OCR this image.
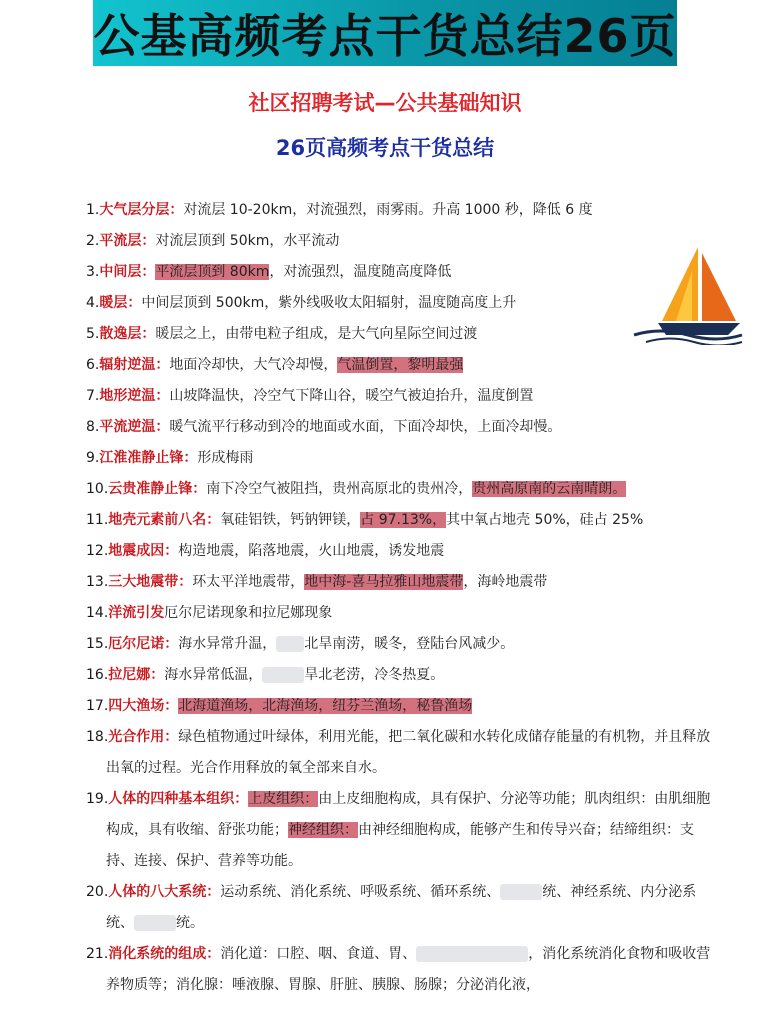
公基高频考点干货总结26页
社区招聘考试—公共基础知识
26页高频考点干货总结
1.大气层分层：对流层 10-20km，对流强烈，雨雾雨。升高 1000 秒，降低 6 度
2.平流层：对流层顶到 50km，水平流动
3.中间层：平流层顶到 80km，对流强烈，温度随高度降低
4.暖层：中间层顶到 500km，紫外线吸收太阳辐射，温度随高度上升
5.散逸层：暖层之上，由带电粒子组成，是大气向星际空间过渡
6.辐射逆温：地面冷却快，大气冷却慢，气温倒置，黎明最强
7.地形逆温：山坡降温快，冷空气下降山谷，暖空气被迫抬升，温度倒置
8.平流逆温：暖气流平行移动到冷的地面或水面，下面冷却快，上面冷却慢。
9.江淮准静止锋：形成梅雨
10.云贵准静止锋：南下冷空气被阻挡，贵州高原北的贵州冷，贵州高原南的云南晴朗。
11.地壳元素前八名：氧硅铝铁，钙钠钾镁，占 97.13%，其中氧占地壳 50%，硅占 25%
12.地震成因：构造地震，陷落地震，火山地震，诱发地震
13.三大地震带：环太平洋地震带，地中海-喜马拉雅山地震带，海岭地震带
14.洋流引发厄尔尼诺现象和拉尼娜现象
15.厄尔尼诺：海水异常升温， 北旱南涝，暖冬，登陆台风减少。
16.拉尼娜：海水异常低温，	旱北老涝，冷冬热夏。
17.四大渔场：北海道渔场，北海渔场，纽芬兰渔场，秘鲁渔场
18.光合作用：绿色植物通过叶绿体，利用光能，把二氧化碳和水转化成储存能量的有机物，并且释放出氧的过程。光合作用释放的氧全部来自水。
19.人体的四种基本组织：上皮组织：由上皮细胞构成，具有保护、分泌等功能；肌肉组织：由肌细胞构成，具有收缩、舒张功能；神经组织：由神经细胞构成，能够产生和传导兴奋；结缔组织：支持、连接、保护、营养等功能。
20.人体的八大系统：运动系统、消化系统、呼吸系统、循环系统、	统、神经系统、内分泌系统、	统。
21.消化系统的组成：消化道：口腔、咽、食道、胃、	，消化系统消化食物和吸收营养物质等；消化腺：唾液腺、胃腺、肝脏、胰腺、肠腺；分泌消化液，
